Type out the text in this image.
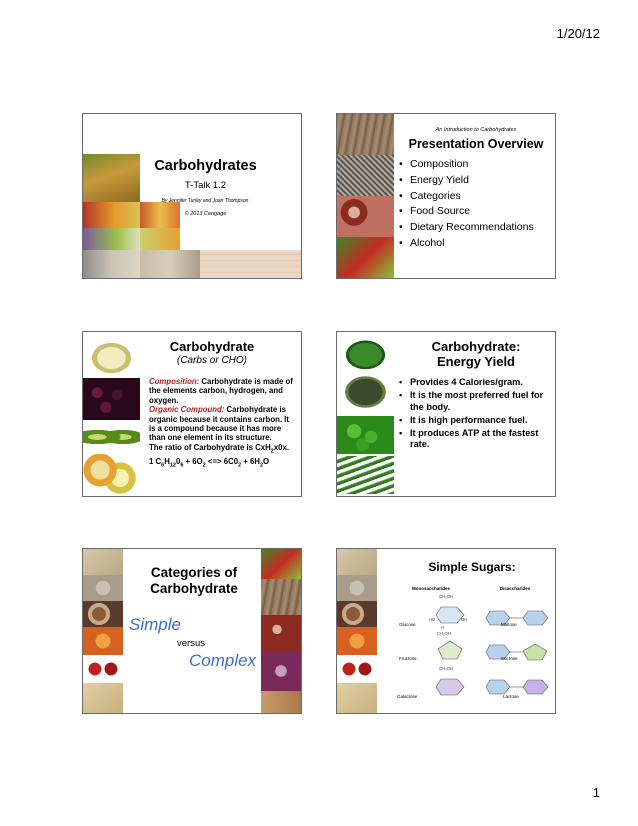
1/20/12
Carbohydrates
T-Talk 1.2
By Jennifer Turley and Joan Thompson
© 2013 Cengage
An Introduction to Carbohydrates
Presentation Overview
• Composition
• Energy Yield
• Categories
• Food Source
• Dietary Recommendations
• Alcohol
Carbohydrate
(Carbs or CHO)
Composition: Carbohydrate is made of the elements carbon, hydrogen, and oxygen.
Organic Compound: Carbohydrate is organic because it contains carbon. It is a compound because it has more than one element in its structure.
The ratio of Carbohydrate is CxH$_2$x0x.
1 $C_6H_{12}0_6 + 6O_2$ <=> $6C0_2 + 6H_2O$
Carbohydrate:
Energy Yield
• Provides 4 Calories/gram.
• It is the most preferred fuel for the body.
• It is high performance fuel.
• It produces ATP at the fastest rate.
Categories of
Carbohydrate
Simple
versus
Complex
Simple Sugars:
Monosaccharides	Disaccharides
CH₂OH
CH₂OH
CH₂OH
OH
HO
H
Glucose	Maltose
Fructose	Sucrose
Galactose	Lactose
1
